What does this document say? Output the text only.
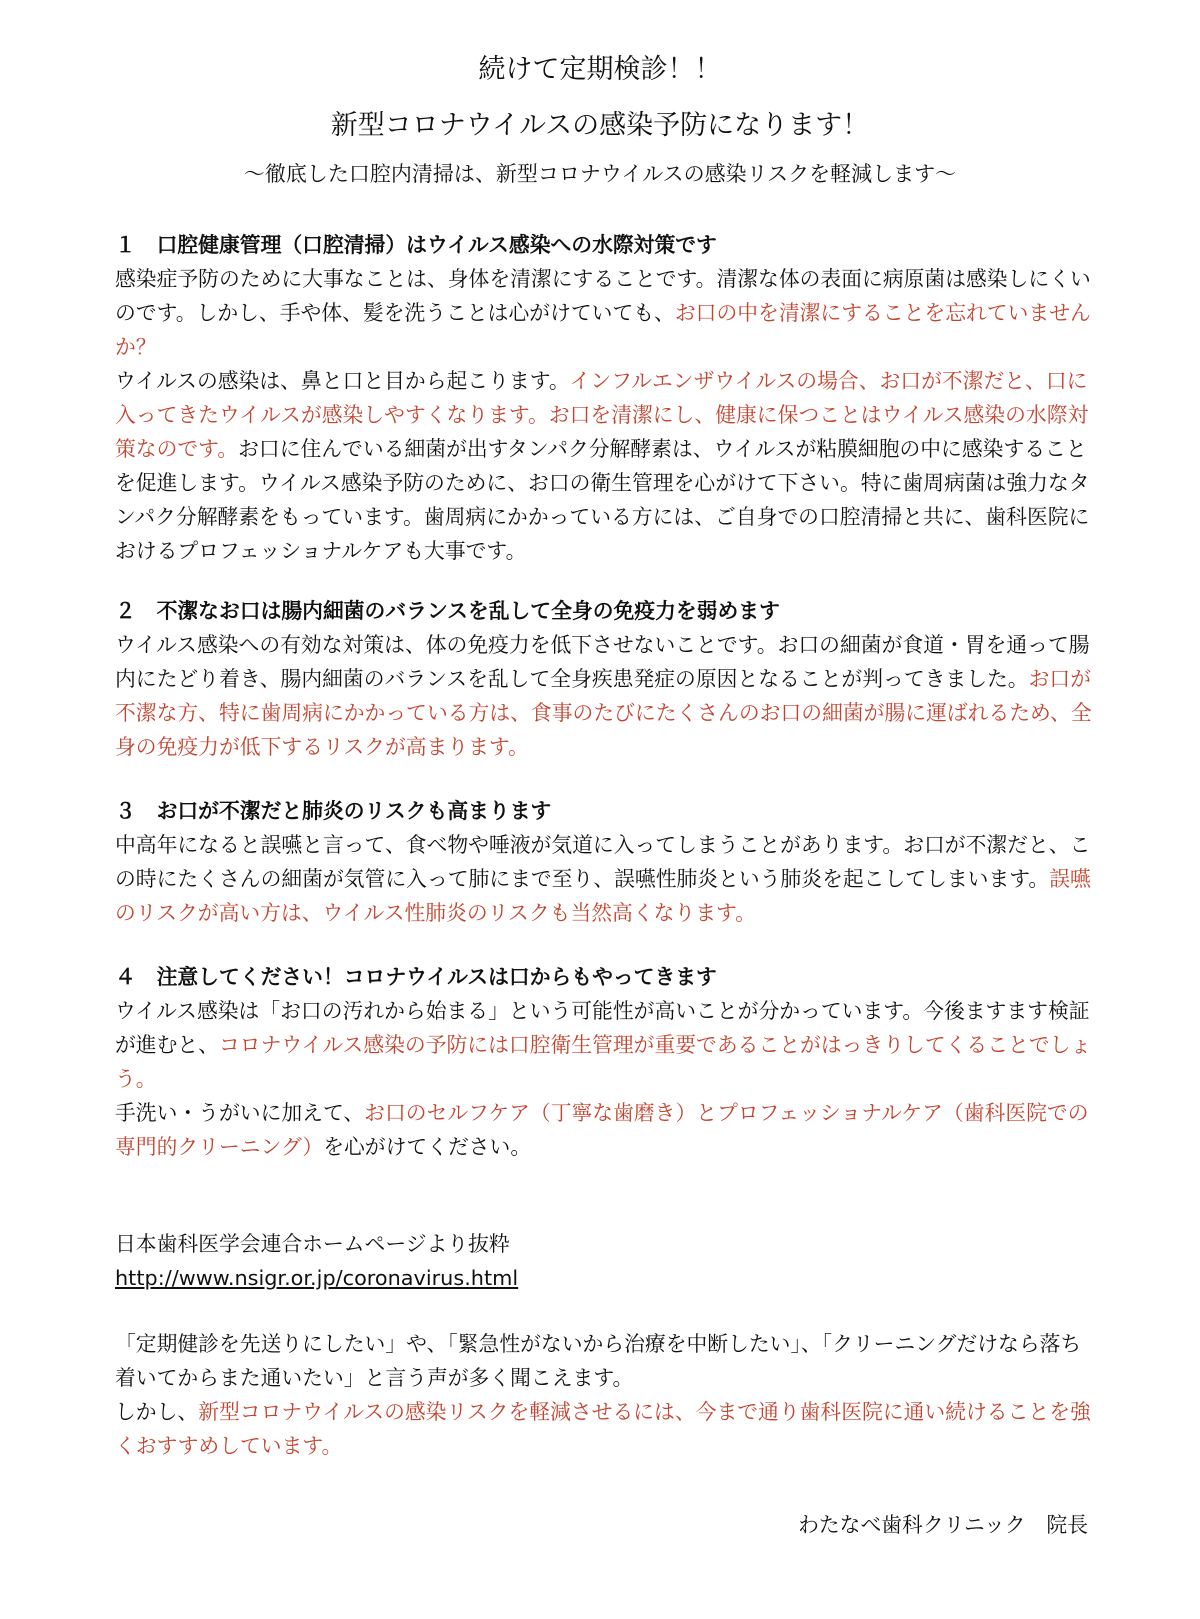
続けて定期検診！！
新型コロナウイルスの感染予防になります！

〜徹底した口腔内清掃は、新型コロナウイルスの感染リスクを軽減します〜

１　口腔健康管理（口腔清掃）はウイルス感染への水際対策です
感染症予防のために大事なことは、身体を清潔にすることです。清潔な体の表面に病原菌は感染しにくいのです。しかし、手や体、髪を洗うことは心がけていても、お口の中を清潔にすることを忘れていませんか？
ウイルスの感染は、鼻と口と目から起こります。インフルエンザウイルスの場合、お口が不潔だと、口に入ってきたウイルスが感染しやすくなります。お口を清潔にし、健康に保つことはウイルス感染の水際対策なのです。お口に住んでいる細菌が出すタンパク分解酵素は、ウイルスが粘膜細胞の中に感染することを促進します。ウイルス感染予防のために、お口の衛生管理を心がけて下さい。特に歯周病菌は強力なタンパク分解酵素をもっています。歯周病にかかっている方には、ご自身での口腔清掃と共に、歯科医院におけるプロフェッショナルケアも大事です。
２　不潔なお口は腸内細菌のバランスを乱して全身の免疫力を弱めます
ウイルス感染への有効な対策は、体の免疫力を低下させないことです。お口の細菌が食道・胃を通って腸内にたどり着き、腸内細菌のバランスを乱して全身疾患発症の原因となることが判ってきました。お口が不潔な方、特に歯周病にかかっている方は、食事のたびにたくさんのお口の細菌が腸に運ばれるため、全身の免疫力が低下するリスクが高まります。
３　お口が不潔だと肺炎のリスクも高まります
中高年になると誤嚥と言って、食べ物や唾液が気道に入ってしまうことがあります。お口が不潔だと、この時にたくさんの細菌が気管に入って肺にまで至り、誤嚥性肺炎という肺炎を起こしてしまいます。誤嚥のリスクが高い方は、ウイルス性肺炎のリスクも当然高くなります。
４　注意してください！コロナウイルスは口からもやってきます
ウイルス感染は「お口の汚れから始まる」という可能性が高いことが分かっています。今後ますます検証が進むと、コロナウイルス感染の予防には口腔衛生管理が重要であることがはっきりしてくることでしょう。
手洗い・うがいに加えて、お口のセルフケア（丁寧な歯磨き）とプロフェッショナルケア（歯科医院での専門的クリーニング）を心がけてください。
日本歯科医学会連合ホームページより抜粋
http://www.nsigr.or.jp/coronavirus.html
「定期健診を先送りにしたい」や、「緊急性がないから治療を中断したい」、「クリーニングだけなら落ち着いてからまた通いたい」と言う声が多く聞こえます。
しかし、新型コロナウイルスの感染リスクを軽減させるには、今まで通り歯科医院に通い続けることを強くおすすめしています。

わたなべ歯科クリニック　院長
